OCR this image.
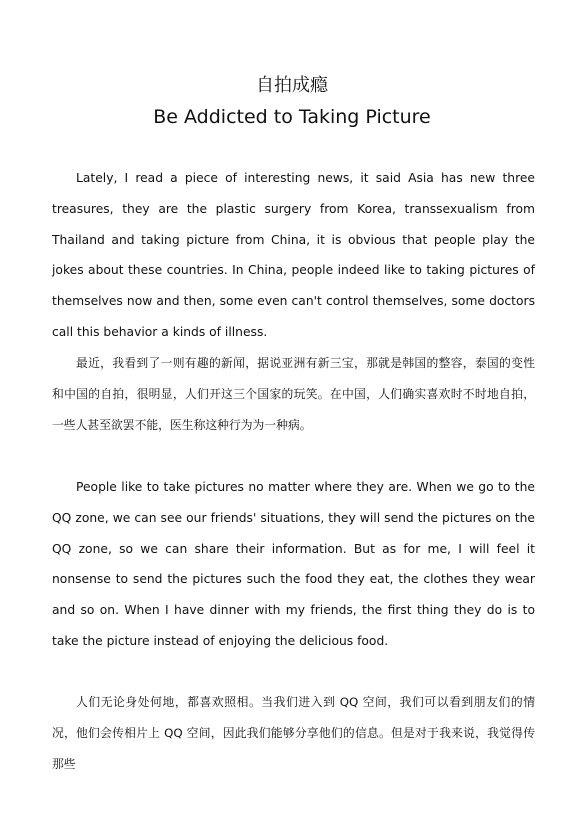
自拍成瘾
Be Addicted to Taking Picture

Lately, I read a piece of interesting news, it said Asia has new three treasures, they are the plastic surgery from Korea, transsexualism from Thailand and taking picture from China, it is obvious that people play the jokes about these countries. In China, people indeed like to taking pictures of themselves now and then, some even can't control themselves, some doctors call this behavior a kinds of illness.

最近，我看到了一则有趣的新闻，据说亚洲有新三宝，那就是韩国的整容，泰国的变性和中国的自拍，很明显，人们开这三个国家的玩笑。在中国，人们确实喜欢时不时地自拍，一些人甚至欲罢不能，医生称这种行为为一种病。

People like to take pictures no matter where they are. When we go to the QQ zone, we can see our friends' situations, they will send the pictures on the QQ zone, so we can share their information. But as for me, I will feel it nonsense to send the pictures such the food they eat, the clothes they wear and so on. When I have dinner with my friends, the first thing they do is to take the picture instead of enjoying the delicious food.

人们无论身处何地，都喜欢照相。当我们进入到 QQ 空间，我们可以看到朋友们的情况，他们会传相片上 QQ 空间，因此我们能够分享他们的信息。但是对于我来说，我觉得传那些
